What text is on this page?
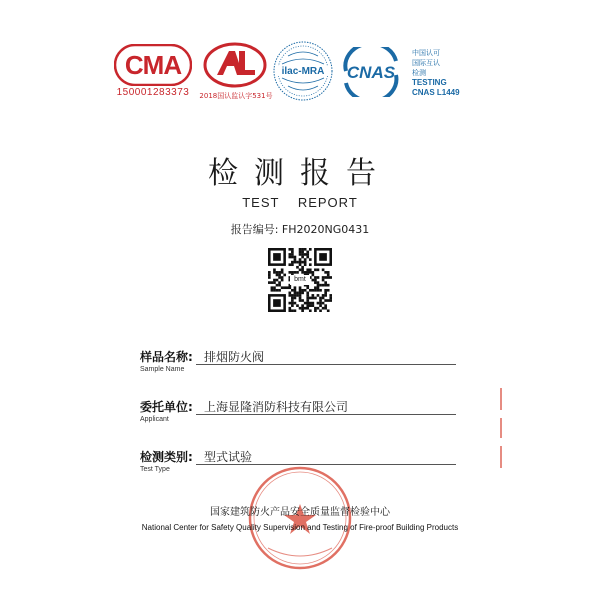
CMA
150001283373	2018国认监认字531号
ilac-MRA CNAS
中国认可
国际互认
检测
TESTING
CNAS L1449
检测报告
TEST REPORT
报告编号: FH2020NG0431
bmt
样品名称:
Sample Name
排烟防火阀
委托单位:
Applicant
上海显隆消防科技有限公司
检测类别:
Test Type
型式试验
国家建筑防火产品安全质量监督检验中心
National Center for Safety Quality Supervision and Testing of Fire-proof Building Products
